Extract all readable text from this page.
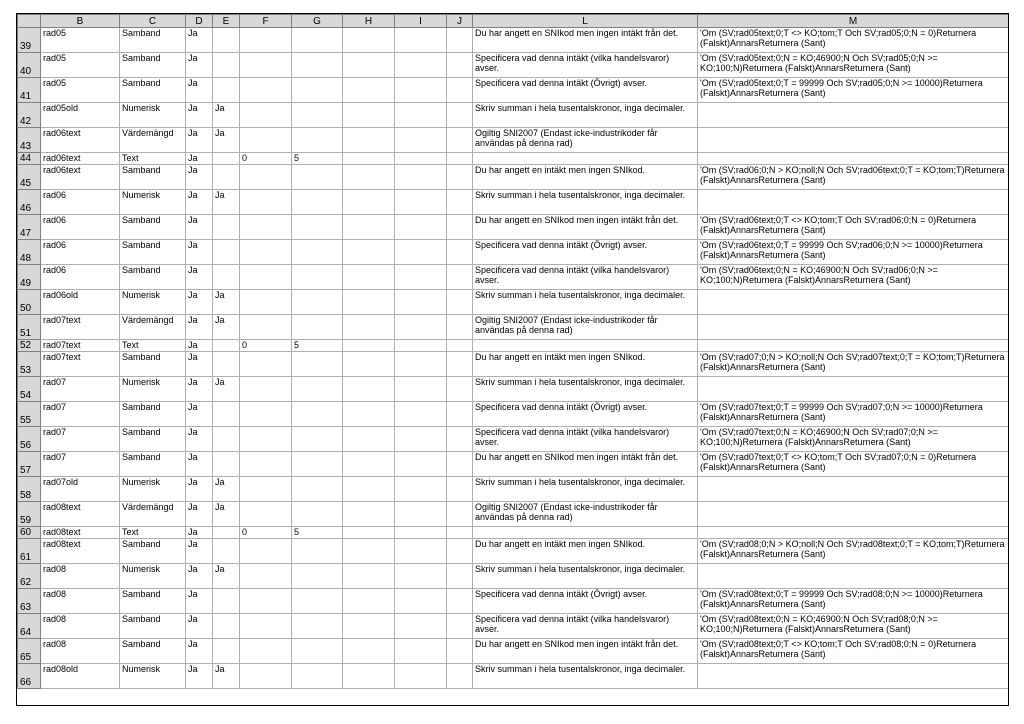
	B	C	D	E	F	G	H	I	J	L	M
39	rad05	Samband	Ja							Du har angett en SNIkod men ingen intäkt från det.	'Om (SV;rad05text;0;T <> KO;tom;T Och SV;rad05;0;N = 0)Returnera (Falskt)AnnarsReturnera (Sant)
40	rad05	Samband	Ja							Specificera vad denna intäkt (vilka handelsvaror) avser.	'Om (SV;rad05text;0;N = KO;46900;N Och SV;rad05;0;N >= KO;100;N)Returnera (Falskt)AnnarsReturnera (Sant)
41	rad05	Samband	Ja							Specificera vad denna intäkt (Övrigt) avser.	'Om (SV;rad05text;0;T = 99999 Och SV;rad05;0;N >= 10000)Returnera (Falskt)AnnarsReturnera (Sant)
42	rad05old	Numerisk	Ja	Ja						Skriv summan i hela tusentalskronor, inga decimaler.	
43	rad06text	Värdemängd	Ja	Ja						Ogiltig SNI2007 (Endast icke-industrikoder får användas på denna rad)	
44	rad06text	Text	Ja		0	5					
45	rad06text	Samband	Ja							Du har angett en intäkt men ingen SNIkod.	'Om (SV;rad06;0;N > KO;noll;N Och SV;rad06text;0;T = KO;tom;T)Returnera (Falskt)AnnarsReturnera (Sant)
46	rad06	Numerisk	Ja	Ja						Skriv summan i hela tusentalskronor, inga decimaler.	
47	rad06	Samband	Ja							Du har angett en SNIkod men ingen intäkt från det.	'Om (SV;rad06text;0;T <> KO;tom;T Och SV;rad06;0;N = 0)Returnera (Falskt)AnnarsReturnera (Sant)
48	rad06	Samband	Ja							Specificera vad denna intäkt (Övrigt) avser.	'Om (SV;rad06text;0;T = 99999 Och SV;rad06;0;N >= 10000)Returnera (Falskt)AnnarsReturnera (Sant)
49	rad06	Samband	Ja							Specificera vad denna intäkt (vilka handelsvaror) avser.	'Om (SV;rad06text;0;N = KO;46900;N Och SV;rad06;0;N >= KO;100;N)Returnera (Falskt)AnnarsReturnera (Sant)
50	rad06old	Numerisk	Ja	Ja						Skriv summan i hela tusentalskronor, inga decimaler.	
51	rad07text	Värdemängd	Ja	Ja						Ogiltig SNI2007 (Endast icke-industrikoder får användas på denna rad)	
52	rad07text	Text	Ja		0	5					
53	rad07text	Samband	Ja							Du har angett en intäkt men ingen SNIkod.	'Om (SV;rad07;0;N > KO;noll;N Och SV;rad07text;0;T = KO;tom;T)Returnera (Falskt)AnnarsReturnera (Sant)
54	rad07	Numerisk	Ja	Ja						Skriv summan i hela tusentalskronor, inga decimaler.	
55	rad07	Samband	Ja							Specificera vad denna intäkt (Övrigt) avser.	'Om (SV;rad07text;0;T = 99999 Och SV;rad07;0;N >= 10000)Returnera (Falskt)AnnarsReturnera (Sant)
56	rad07	Samband	Ja							Specificera vad denna intäkt (vilka handelsvaror) avser.	'Om (SV;rad07text;0;N = KO;46900;N Och SV;rad07;0;N >= KO;100;N)Returnera (Falskt)AnnarsReturnera (Sant)
57	rad07	Samband	Ja							Du har angett en SNIkod men ingen intäkt från det.	'Om (SV;rad07text;0;T <> KO;tom;T Och SV;rad07;0;N = 0)Returnera (Falskt)AnnarsReturnera (Sant)
58	rad07old	Numerisk	Ja	Ja						Skriv summan i hela tusentalskronor, inga decimaler.	
59	rad08text	Värdemängd	Ja	Ja						Ogiltig SNI2007 (Endast icke-industrikoder får användas på denna rad)	
60	rad08text	Text	Ja		0	5					
61	rad08text	Samband	Ja							Du har angett en intäkt men ingen SNIkod.	'Om (SV;rad08;0;N > KO;noll;N Och SV;rad08text;0;T = KO;tom;T)Returnera (Falskt)AnnarsReturnera (Sant)
62	rad08	Numerisk	Ja	Ja						Skriv summan i hela tusentalskronor, inga decimaler.	
63	rad08	Samband	Ja							Specificera vad denna intäkt (Övrigt) avser.	'Om (SV;rad08text;0;T = 99999 Och SV;rad08;0;N >= 10000)Returnera (Falskt)AnnarsReturnera (Sant)
64	rad08	Samband	Ja							Specificera vad denna intäkt (vilka handelsvaror) avser.	'Om (SV;rad08text;0;N = KO;46900;N Och SV;rad08;0;N >= KO;100;N)Returnera (Falskt)AnnarsReturnera (Sant)
65	rad08	Samband	Ja							Du har angett en SNIkod men ingen intäkt från det.	'Om (SV;rad08text;0;T <> KO;tom;T Och SV;rad08;0;N = 0)Returnera (Falskt)AnnarsReturnera (Sant)
66	rad08old	Numerisk	Ja	Ja						Skriv summan i hela tusentalskronor, inga decimaler.	
